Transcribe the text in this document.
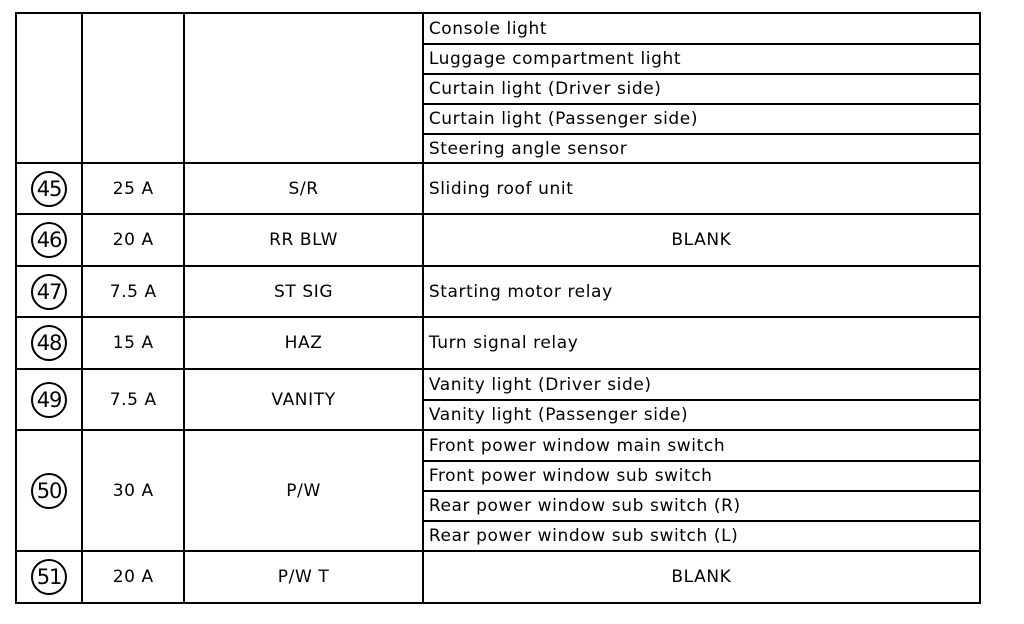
Console light
Luggage compartment light
Curtain light (Driver side)
Curtain light (Passenger side)
Steering angle sensor

45	25 A	S/R	Sliding roof unit

46	20 A	RR BLW	BLANK

47	7.5 A	ST SIG	Starting motor relay

48	15 A	HAZ	Turn signal relay

49	7.5 A	VANITY	Vanity light (Driver side)
Vanity light (Passenger side)

50	30 A	P/W	Front power window main switch
Front power window sub switch
Rear power window sub switch (R)
Rear power window sub switch (L)

51	20 A	P/W T	BLANK
